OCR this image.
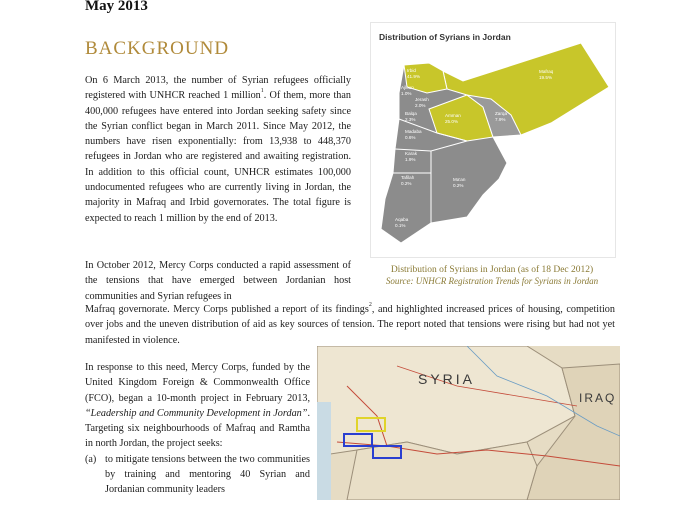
May 2013
BACKGROUND
On 6 March 2013, the number of Syrian refugees officially registered with UNHCR reached 1 million$^1$. Of them, more than 400,000 refugees have entered into Jordan seeking safety since the Syrian conflict began in March 2011. Since May 2012, the numbers have risen exponentially: from 13,938 to 448,370 refugees in Jordan who are registered and awaiting registration. In addition to this official count, UNHCR estimates 100,000 undocumented refugees who are currently living in Jordan, the majority in Mafraq and Irbid governorates. The total figure is expected to reach 1 million by the end of 2013.
In October 2012, Mercy Corps conducted a rapid assessment of the tensions that have emerged between Jordanian host communities and Syrian refugees in
Mafraq governorate. Mercy Corps published a report of its findings$^2$, and highlighted increased prices of housing, competition over jobs and the uneven distribution of aid as key sources of tension. The report noted that tensions were rising but had not yet manifested in violence.
In response to this need, Mercy Corps, funded by the United Kingdom Foreign & Commonwealth Office (FCO), began a 10-month project in February 2013, “Leadership and Community Development in Jordan”. Targeting six neighbourhoods of Mafraq and Ramtha in north Jordan, the project seeks:
(a) to mitigate tensions between the two communities by training and mentoring 40 Syrian and Jordanian community leaders
Distribution of Syrians in Jordan
Irbid
41.9%
Ajloun
1.0%
Jerash
2.0%
Mafraq
19.5%
Balqa
2.3%
Amman
25.0%
Zarqa
7.9%
Madaba
0.6%
Karak
1.9%
Tafilah
0.2%
Ma'an
0.2%
Aqaba
0.1%
Distribution of Syrians in Jordan (as of 18 Dec 2012)
Source: UNHCR Registration Trends for Syrians in Jordan
SYRIA
IRAQ
